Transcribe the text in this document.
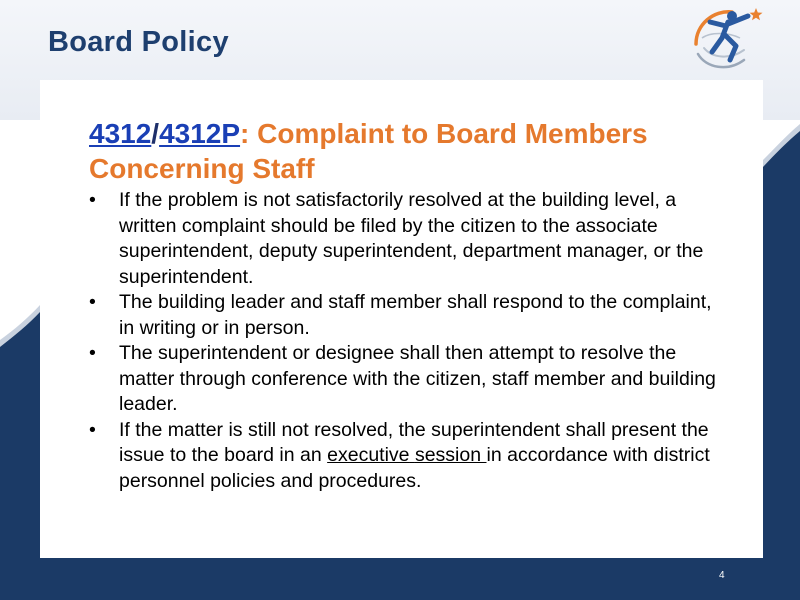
Board Policy
4312/4312P: Complaint to Board Members
Concerning Staff
• If the problem is not satisfactorily resolved at the building level, a written complaint should be filed by the citizen to the associate superintendent, deputy superintendent, department manager, or the superintendent.
• The building leader and staff member shall respond to the complaint, in writing or in person.
• The superintendent or designee shall then attempt to resolve the matter through conference with the citizen, staff member and building leader.
• If the matter is still not resolved, the superintendent shall present the issue to the board in an executive session in accordance with district personnel policies and procedures.
4
